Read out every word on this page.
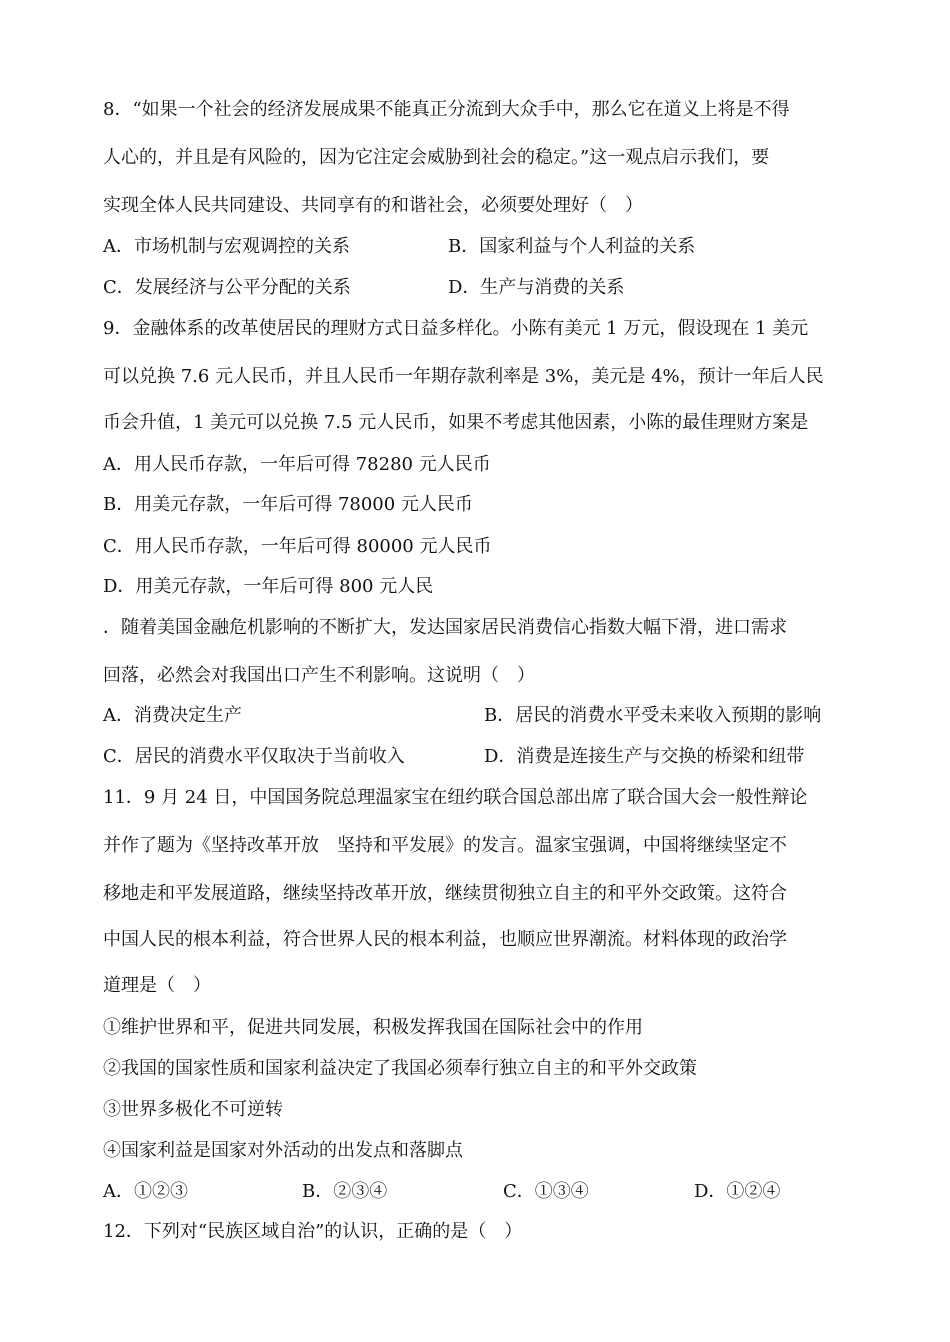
8．“如果一个社会的经济发展成果不能真正分流到大众手中，那么它在道义上将是不得
人心的，并且是有风险的，因为它注定会威胁到社会的稳定。”这一观点启示我们，要
实现全体人民共同建设、共同享有的和谐社会，必须要处理好（　）
A．市场机制与宏观调控的关系	B．国家利益与个人利益的关系
C．发展经济与公平分配的关系	D．生产与消费的关系
9．金融体系的改革使居民的理财方式日益多样化。小陈有美元 1 万元，假设现在 1 美元
可以兑换 7.6 元人民币，并且人民币一年期存款利率是 3%，美元是 4%，预计一年后人民
币会升值，1 美元可以兑换 7.5 元人民币，如果不考虑其他因素，小陈的最佳理财方案是
A．用人民币存款，一年后可得 78280 元人民币
B．用美元存款，一年后可得 78000 元人民币
C．用人民币存款，一年后可得 80000 元人民币
D．用美元存款，一年后可得 800 元人民
．随着美国金融危机影响的不断扩大，发达国家居民消费信心指数大幅下滑，进口需求
回落，必然会对我国出口产生不利影响。这说明（　）
A．消费决定生产	B．居民的消费水平受未来收入预期的影响
C．居民的消费水平仅取决于当前收入	D．消费是连接生产与交换的桥梁和纽带
11．9 月 24 日，中国国务院总理温家宝在纽约联合国总部出席了联合国大会一般性辩论
并作了题为《坚持改革开放　坚持和平发展》的发言。温家宝强调，中国将继续坚定不
移地走和平发展道路，继续坚持改革开放，继续贯彻独立自主的和平外交政策。这符合
中国人民的根本利益，符合世界人民的根本利益，也顺应世界潮流。材料体现的政治学
道理是（　）
①维护世界和平，促进共同发展，积极发挥我国在国际社会中的作用
②我国的国家性质和国家利益决定了我国必须奉行独立自主的和平外交政策
③世界多极化不可逆转
④国家利益是国家对外活动的出发点和落脚点
A．①②③	B．②③④	C．①③④	D．①②④
12．下列对“民族区域自治”的认识，正确的是（　）
